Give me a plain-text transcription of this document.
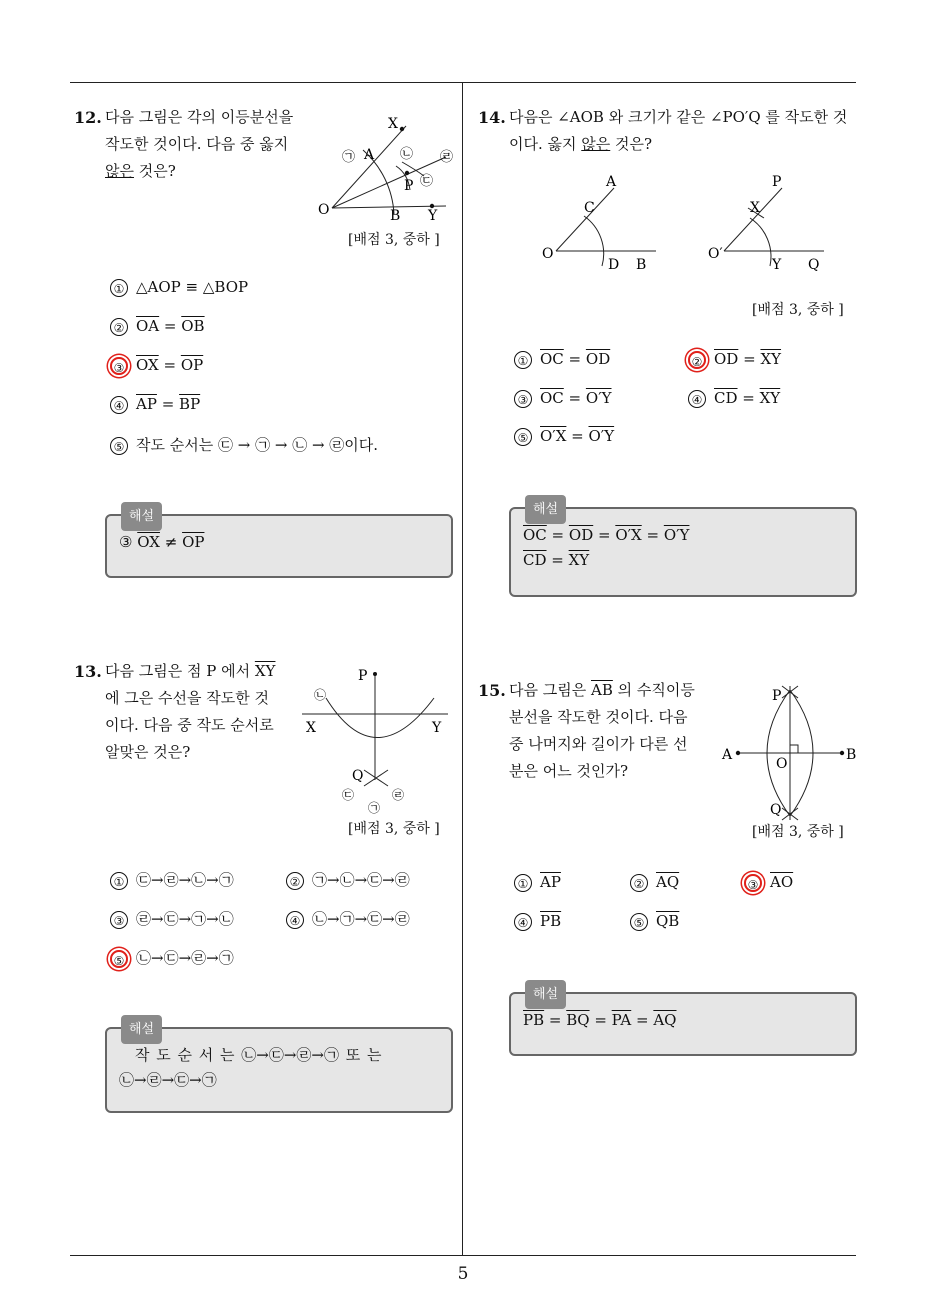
12. 다음 그림은 각의 이등분선을
작도한 것이다. 다음 중 옳지
않은 것은?
X
A
P
O	B Y
㉠	㉡
㉢
㉣
[배점 3, 중하 ]
① △AOP ≡ △BOP
② $\overline{OA} = \overline{OB}$
③ $\overline{OX} = \overline{OP}$
④ $\overline{AP} = \overline{BP}$
⑤ 작도 순서는 ㉢ → ㉠ → ㉡ → ㉣이다.
해설
③ $\overline{OX} \ne \overline{OP}$
13. 다음 그림은 점 P 에서 $\overline{XY}$
에 그은 수선을 작도한 것
이다. 다음 중 작도 순서로
알맞은 것은?
P
X	Y
Q
㉠
㉡
㉢	㉣
[배점 3, 중하 ]
① ㉢→㉣→㉡→㉠	② ㉠→㉡→㉢→㉣
③ ㉣→㉢→㉠→㉡	④ ㉡→㉠→㉢→㉣
⑤ ㉡→㉢→㉣→㉠
해설
작 도 순 서 는 ㉡→㉢→㉣→㉠ 또 는
㉡→㉣→㉢→㉠
14. 다음은 ∠AOB 와 크기가 같은 ∠PO′Q 를 작도한 것
이다. 옳지 않은 것은?
A
C
O
D B
P
X
O′
Y Q
[배점 3, 중하 ]
① $\overline{OC} = \overline{OD}$	② $\overline{OD} = \overline{XY}$
③ $\overline{OC} = O'Y$	④ $\overline{CD} = \overline{XY}$
⑤ O′X = O′Y
해설
$\overline{OC} = \overline{OD} = O'X = O'Y$
$\overline{CD} = \overline{XY}$
15. 다음 그림은 $\overline{AB}$ 의 수직이등
분선을 작도한 것이다. 다음
중 나머지와 길이가 다른 선
분은 어느 것인가?
P
A
O
B
Q
[배점 3, 중하 ]
① $\overline{AP}$	② $\overline{AQ}$	③ $\overline{AO}$
④ $\overline{PB}$	⑤ $\overline{QB}$
해설
$\overline{PB} = \overline{BQ} = \overline{PA} = \overline{AQ}$
5
